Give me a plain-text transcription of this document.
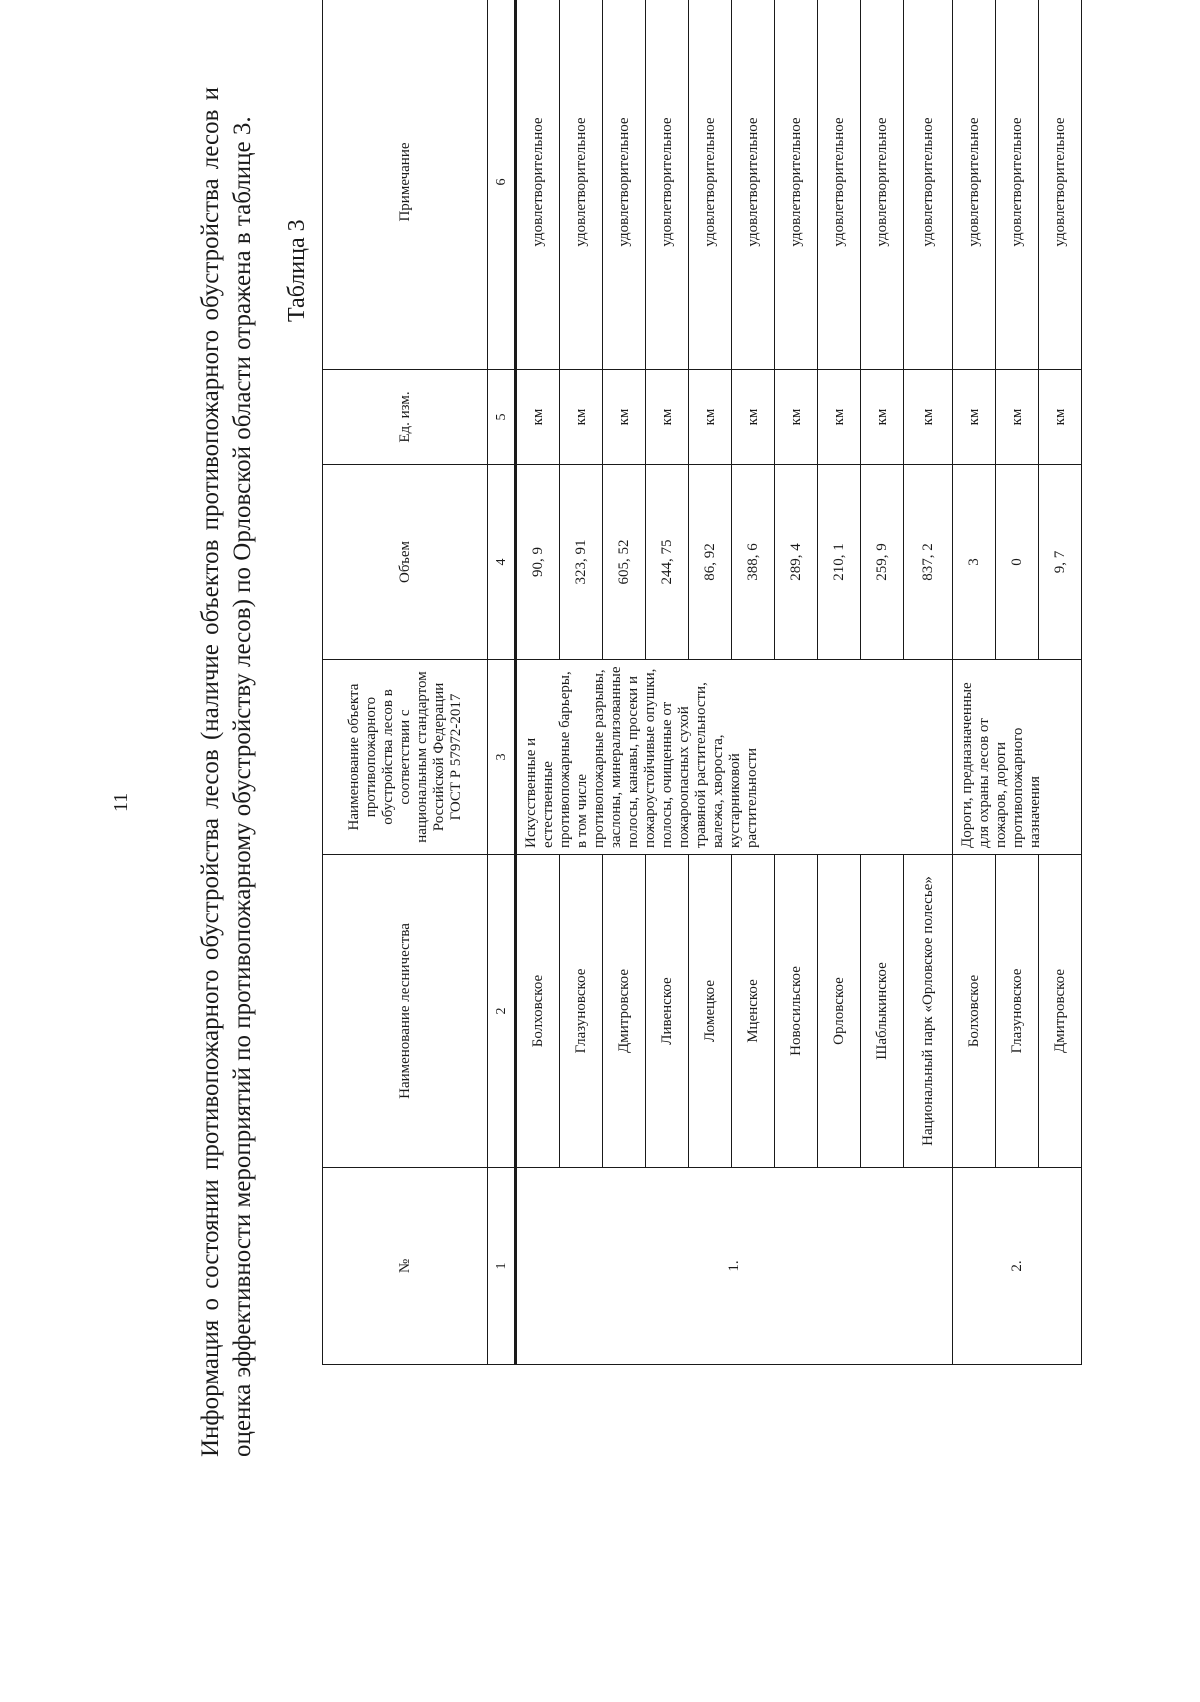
11	Информация о состоянии противопожарного обустройства лесов (наличие объектов противопожарного обустройства лесов и оценка эффективности мероприятий по противопожарному обустройству лесов) по Орловской области отражена в таблице 3. Таблица 3
№	Наименование лесничества	Наименование объекта противопожарного обустройства лесов в соответствии с национальным стандартом Российской Федерации ГОСТ Р 57972-2017	Объем	Ед. изм.	Примечание
1	2	3	4	5	6
1.	Болховское	Искусственные и естественные противопожарные барьеры, в том числе противопожарные разрывы, заслоны, минерализованные полосы, канавы, просеки и пожароустойчивые опушки, полосы, очищенные от пожароопасных сухой травяной растительности, валежа, хвороста, кустарниковой растительности	90, 9	км	удовлетворительное
	Глазуновское		323, 91	км	удовлетворительное
	Дмитровское		605, 52	км	удовлетворительное
	Ливенское		244, 75	км	удовлетворительное
	Ломецкое		86, 92	км	удовлетворительное
	Мценское		388, 6	км	удовлетворительное
	Новосильское		289, 4	км	удовлетворительное
	Орловское		210, 1	км	удовлетворительное
	Шаблыкинское		259, 9	км	удовлетворительное
	Национальный парк «Орловское полесье»		837, 2	км	удовлетворительное
2.	Болховское	Дороги, предназначенные для охраны лесов от пожаров, дороги противопожарного назначения	3	км	удовлетворительное
	Глазуновское		0	км	удовлетворительное
	Дмитровское		9, 7	км	удовлетворительное
